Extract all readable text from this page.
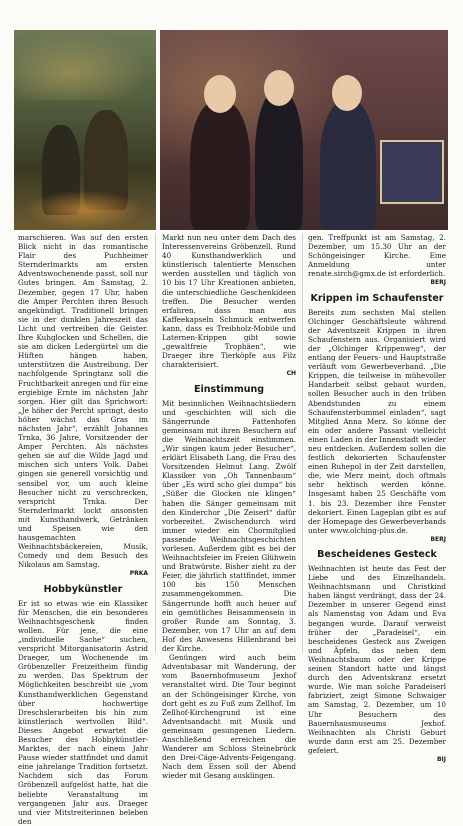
marschieren. Was auf den ersten Blick nicht in das romantische Flair des Puchheimer Sternderlmarkts am ersten Adventswochenende passt, soll nur Gutes bringen. Am Samstag, 2. Dezember, gegen 17 Uhr, haben die Amper Perchten ihren Besuch angekündigt. Traditionell bringen sie in der dunklen Jahreszeit das Licht und vertreiben die Geister. Ihre Kuhglocken und Schellen, die sie am dicken Ledergürtel um die Hüften hängen haben, unterstützen die Austreibung. Der nachfolgende Springtanz soll die Fruchtbarkeit anregen und für eine ergiebige Ernte im nächsten Jahr sorgen. Hier gilt das Sprichwort: „Je höher der Percht springt, desto höher wächst das Gras im nächsten Jahr“, erzählt Johannes Trnka, 36 Jahre, Vorsitzender der Amper Perchten. Als nächstes gehen sie auf die Wilde Jagd und mischen sich unters Volk. Dabei gingen sie generell vorsichtig und sensibel vor, um auch kleine Besucher nicht zu verschrecken, verspricht Trnka. Der Sternderlmarkt lockt ansonsten mit Kunsthandwerk, Getränken und Speisen wie den hausgemachten Weihnachtsbäckereien, Musik, Comedy und dem Besuch des Nikolaus am Samstag.
PRKA

Hobbykünstler

Er ist so etwas wie ein Klassiker für Menschen, die ein besonderes Weihnachtsgeschenk finden wollen. Für jene, die eine „individuelle Sache“ suchen, verspricht Mitorganisatorin Astrid Draeger, um Wochenende im Gröbenzeller Freizeitheim fündig zu werden. Das Spektrum der Möglichkeiten beschreibt sie „vom Kunsthandwerklichen Gegenstand über hochwertige Dreschslerarbeiten bis hin zum künstlerisch wertvollen Bild“. Dieses Angebot erwartet die Besucher des Hobbykünstler-Marktes, der nach einem Jahr Pause wieder stattfindet und damit eine jahrelange Tradition fortsetzt. Nachdem sich das Forum Gröbenzell aufgelöst hatte, hat die beliebte Veranstaltung im vergangenen Jahr aus. Draeger und vier Mitstreiterinnen beleben den

Markt nun neu unter dem Dach des Interessenvereins Gröbenzell. Rund 40 Kunsthandwerklich und künstlerisch talentierte Menschen werden ausstellen und täglich von 10 bis 17 Uhr Kreationen anbieten, die unterschiedliche Geschenkideen treffen. Die Besucher werden erfahren, dass man aus Kaffeekapseln Schmuck entwerfen kann, dass es Treibholz-Mobile und Laternen-Krippen gibt sowie „gewaltfreie Trophäen“, wie Draeger ihre Tierköpfe aus Filz charakterisiert.
CH

Einstimmung

Mit besinnlichen Weihnachtsliedern und -geschichten will sich die Sängerrunde Fattenhofen gemeinsam mit ihren Besuchern auf die Weihnachtszeit einstimmen. „Wir singen kaum jeder Besucher“, erklärt Elisabeth Lang, die Frau des Vorsitzenden Helmut Lang. Zwölf Klassiker von „Oh Tannenbaum“ über „Es wird scho glei dumpa“ bis „Süßer die Glocken nie klingen“ haben die Sänger gemeinsam mit den Kinderchor „Die Zeiserl“ dafür vorbereitet. Zwischendurch wird immer wieder ein Chormitglied passende Weihnachtsgeschichten vorlesen. Außerdem gibt es bei der Weihnachtsfeier im Freien Glühwein und Bratwürste. Bisher zieht zu der Feier, die jährlich stattfindet, immer 100 bis 150 Menschen zusammengekommen. Die Sängerrunde hofft auch heuer auf ein gemütliches Beisammensein in großer Runde am Sonntag, 3. Dezember, von 17 Uhr an auf dem Hof des Anwesens Hillenbrand bei der Kirche.

Genüngen wird auch beim Adventsbasar mit Wanderung, der vom Bauernhofmuseum Jexhof veranstaltet wird. Die Tour beginnt an der Schöngeisinger Kirche, von dort geht es zu Fuß zum Zellhof. Im Zellhof-Kirchengrund ist eine Adventsandacht mit Musik und gemeinsam gesungenen Liedern. Anschließend erreichen die Wanderer am Schloss Steinebrück den Drei-Cäge-Advents-Feigengang. Nach dem Essen soll der Abend wieder mit Gesang ausklingen.

gen. Treffpunkt ist am Samstag, 2. Dezember, um 15.30 Uhr an der Schöngeisinger Kirche. Eine Anmeldung unter renate.sirch@gmx.de ist erforderlich.
BERJ

Krippen im Schaufenster

Bereits zum sechsten Mal stellen Olchinger Geschäftsleute während der Adventszeit Krippen in ihren Schaufenstern aus. Organisiert wird der „Olchinger Krippenweg“, der entlang der Feuers- und Hauptstraße verläuft vom Gewerbeverband. „Die Krippen, die teilweise in mühevoller Handarbeit selbst gebaut wurden, sollen Besucher auch in den trüben Abendstunden zu einem Schaufensterbummel einladen“, sagt Mitglied Anna Merz. So könne der ein oder andere Passant vielleicht einen Laden in der Innenstadt wieder neu entdecken. Außerdem sollen die festlich dekorierten Schaufenster einen Ruhepol in der Zeit darstellen, die, wie Merz meint, doch oftmals sehr hektisch werden könne. Insgesamt haben 25 Geschäfte vom 1. bis 23. Dezember ihre Fenster dekoriert. Einen Lageplan gibt es auf der Homepage des Gewerbeverbands unter www.olching-plus.de.
BERJ

Bescheidenes Gesteck

Weihnachten ist heute das Fest der Liebe und des Einzelhandels. Weihnachtsmann und Christkind haben längst verdrängt, dass der 24. Dezember in unserer Gegend einst als Namenstag von Adam und Eva begangen wurde. Darauf verweist früher der „Paradeisel“, ein bescheidenes Gesteck aus Zweigen und Äpfeln, das neben dem Weihnachtsbaum oder der Krippe seinen Standort hatte und längst durch den Adventskranz ersetzt wurde. Wie man solche Paradeiserl fabriziert, zeigt Simone Schwaiger am Samstag, 2. Dezember, um 10 Uhr Besuchern des Bauernhausmuseums Jexhof. Weihnachten als Christi Geburt wurde dann erst am 25. Dezember gefeiert.
BIJ
